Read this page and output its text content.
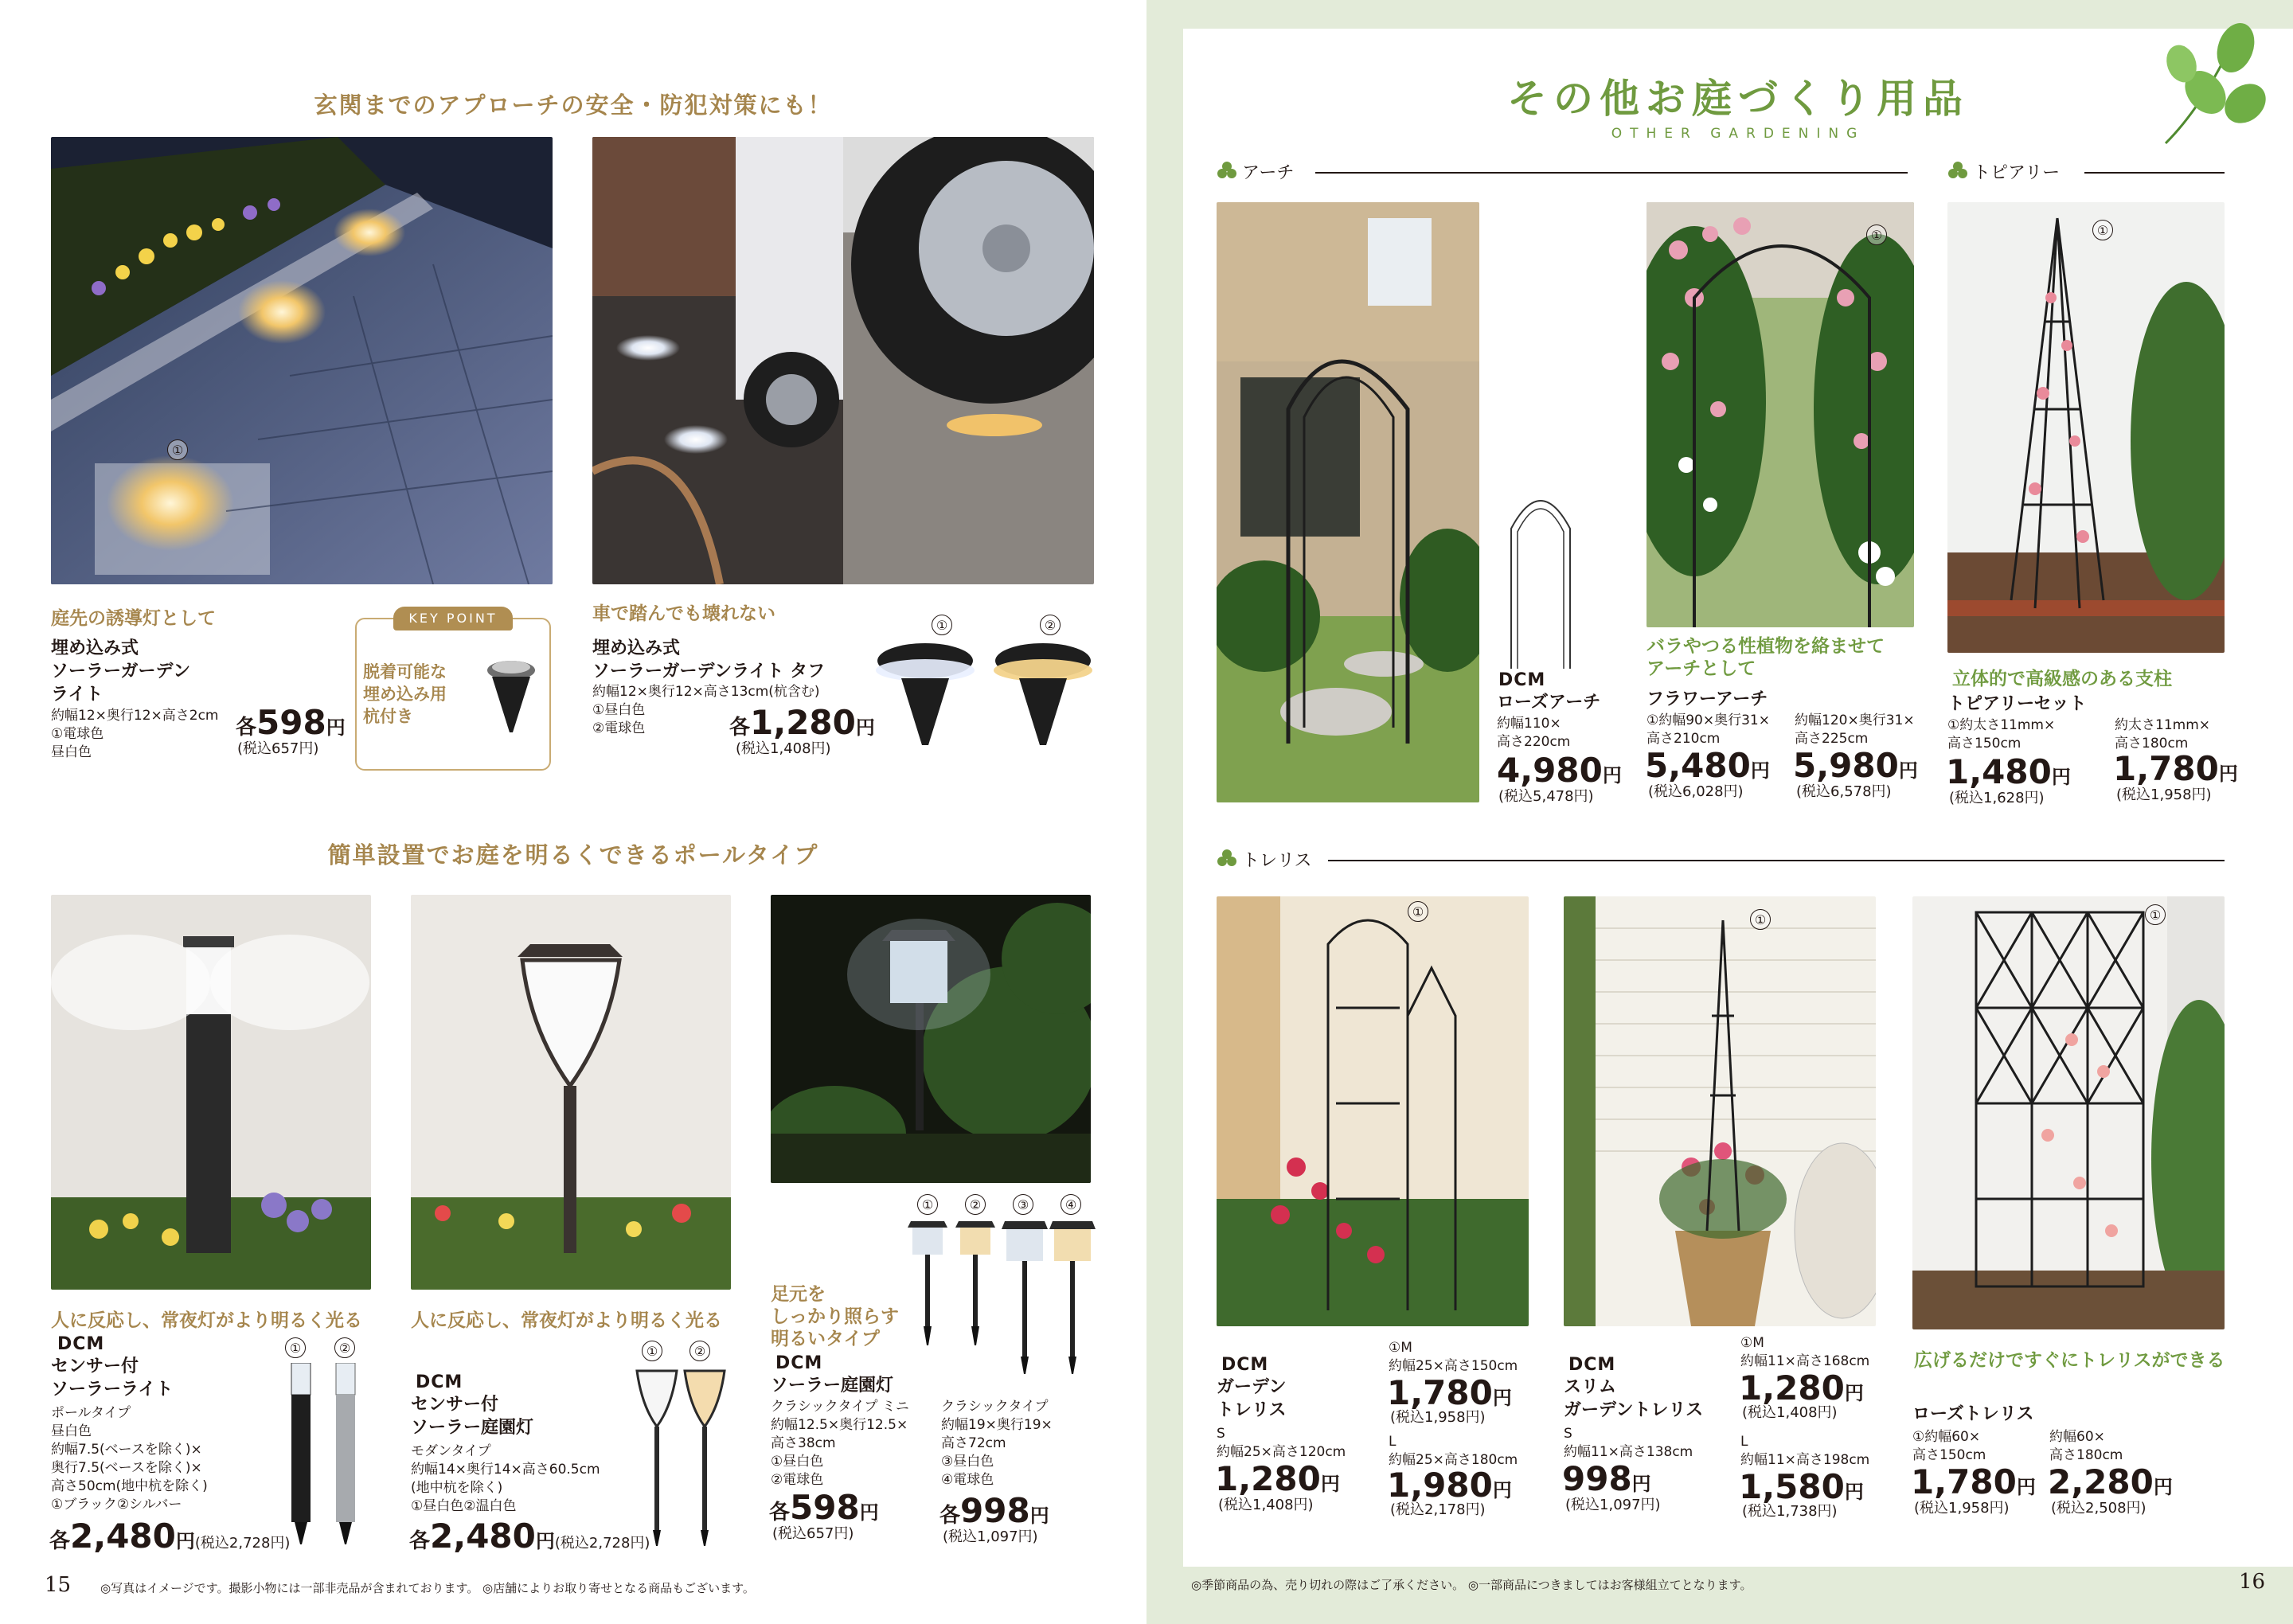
玄関までのアプローチの安全・防犯対策にも！
①
庭先の誘導灯として
埋め込み式
ソーラーガーデン
ライト
約幅12×奥行12×高さ2cm
①電球色
昼白色
各598円
(税込657円)
KEY POINT
脱着可能な
埋め込み用
杭付き
車で踏んでも壊れない
埋め込み式
ソーラーガーデンライト タフ
約幅12×奥行12×高さ13cm(杭含む)
①昼白色
②電球色	各1,280円
(税込1,408円)
①	②
簡単設置でお庭を明るくできるポールタイプ
人に反応し、常夜灯がより明るく光る
DCM
センサー付
ソーラーライト
ポールタイプ
昼白色
約幅7.5(ベースを除く)×
奥行7.5(ベースを除く)×
高さ50cm(地中杭を除く)
①ブラック②シルバー
各2,480円(税込2,728円)
①	②
人に反応し、常夜灯がより明るく光る
DCM
センサー付
ソーラー庭園灯
モダンタイプ
約幅14×奥行14×高さ60.5cm
(地中杭を除く)
①昼白色②温白色
各2,480円(税込2,728円)
①	②
足元を
しっかり照らす
明るいタイプ
DCM
ソーラー庭園灯
クラシックタイプ ミニ
約幅12.5×奥行12.5×
高さ38cm
①昼白色
②電球色
各598円
(税込657円)
クラシックタイプ
約幅19×奥行19×
高さ72cm
③昼白色
④電球色
各998円
(税込1,097円)
①	②	③	④
15 ◎写真はイメージです。撮影小物には一部非売品が含まれております。 ◎店舗によりお取り寄せとなる商品もございます。
その他お庭づくり用品
OTHER GARDENING
アーチ	トピアリー
トレリス
DCM
ローズアーチ
約幅110×
高さ220cm
4,980円
(税込5,478円)
①
バラやつる性植物を絡ませて
アーチとして
フラワーアーチ
①約幅90×奥行31×
高さ210cm
5,480円
(税込6,028円)
約幅120×奥行31×
高さ225cm
5,980円
(税込6,578円)
①
立体的で高級感のある支柱
トピアリーセット
①約太さ11mm×
高さ150cm
1,480円
(税込1,628円)
約太さ11mm×
高さ180cm
1,780円
(税込1,958円)
①
①	①
DCM
ガーデン
トレリス
S
約幅25×高さ120cm
1,280円
(税込1,408円)
①M
約幅25×高さ150cm
1,780円
(税込1,958円)
L
約幅25×高さ180cm
1,980円
(税込2,178円)
DCM
スリム
ガーデントレリス
S
約幅11×高さ138cm
998円
(税込1,097円)
①M
約幅11×高さ168cm
1,280円
(税込1,408円)
L
約幅11×高さ198cm
1,580円
(税込1,738円)
広げるだけですぐにトレリスができる
ローズトレリス
①約幅60×
高さ150cm
1,780円
(税込1,958円)
約幅60×
高さ180cm
2,280円
(税込2,508円)
◎季節商品の為、売り切れの際はご了承ください。 ◎一部商品につきましてはお客様組立てとなります。	16
